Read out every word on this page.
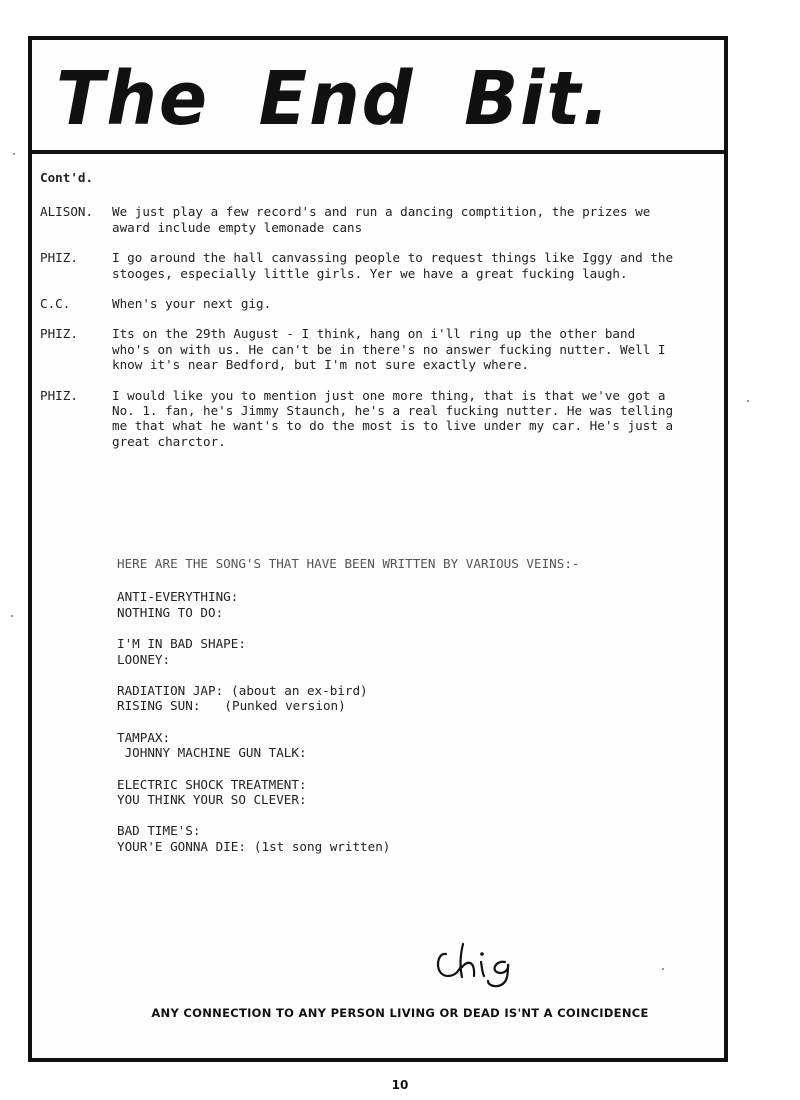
The End Bit.
Cont'd.
ALISON.	We just play a few record's and run a dancing comptition, the prizes we award include empty lemonade cans
PHIZ.	I go around the hall canvassing people to request things like Iggy and the stooges, especially little girls. Yer we have a great fucking laugh.
C.C.	When's your next gig.
PHIZ.	Its on the 29th August - I think, hang on i'll ring up the other band who's on with us. He can't be in there's no answer fucking nutter. Well I know it's near Bedford, but I'm not sure exactly where.
PHIZ.	I would like you to mention just one more thing, that is that we've got a No. 1. fan, he's Jimmy Staunch, he's a real fucking nutter. He was telling me that what he want's to do the most is to live under my car. He's just a great charctor.
HERE ARE THE SONG'S THAT HAVE BEEN WRITTEN BY VARIOUS VEINS:-
ANTI-EVERYTHING:
NOTHING TO DO:
I'M IN BAD SHAPE:
LOONEY:
RADIATION JAP: (about an ex-bird)
RISING SUN: (Punked version)
TAMPAX:
JOHNNY MACHINE GUN TALK:
ELECTRIC SHOCK TREATMENT:
YOU THINK YOUR SO CLEVER:
BAD TIME'S:
YOUR'E GONNA DIE: (1st song written)
ANY CONNECTION TO ANY PERSON LIVING OR DEAD IS'NT A COINCIDENCE
10
